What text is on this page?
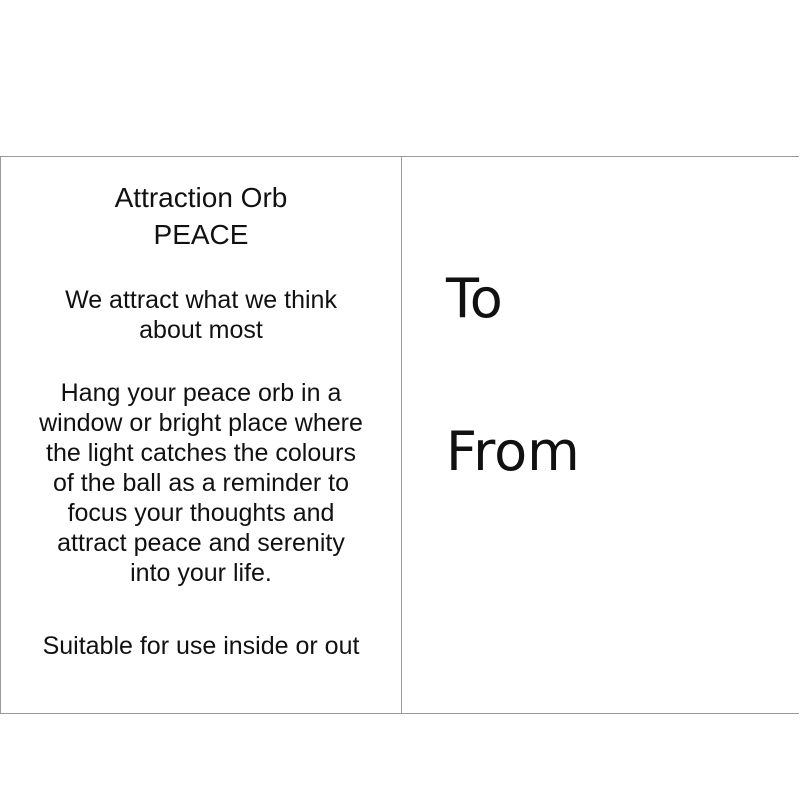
Attraction Orb
PEACE
We attract what we think
about most
Hang your peace orb in a
window or bright place where
the light catches the colours
of the ball as a reminder to
focus your thoughts and
attract peace and serenity
into your life.
Suitable for use inside or out
To
From
